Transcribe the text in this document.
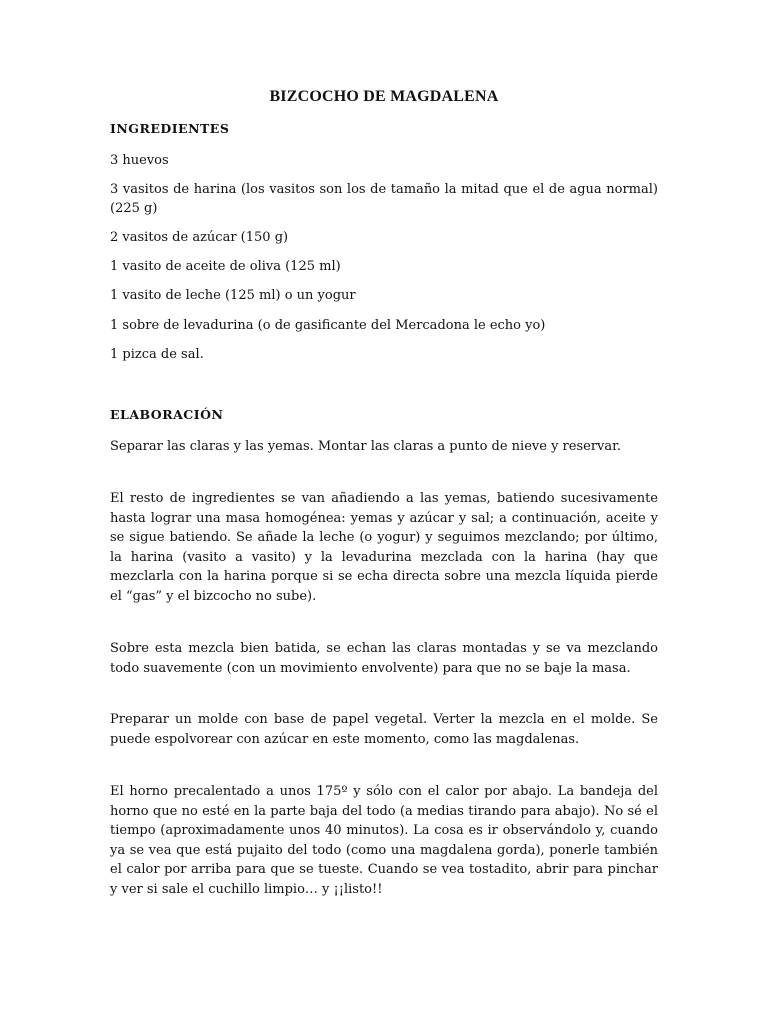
BIZCOCHO DE MAGDALENA
INGREDIENTES
3 huevos
3 vasitos de harina (los vasitos son los de tamaño la mitad que el de agua normal) (225 g)
2 vasitos de azúcar (150 g)
1 vasito de aceite de oliva (125 ml)
1 vasito de leche (125 ml) o un yogur
1 sobre de levadurina (o de gasificante del Mercadona le echo yo)
1 pizca de sal.
ELABORACIÓN
Separar las claras y las yemas. Montar las claras a punto de nieve y reservar.
El resto de ingredientes se van añadiendo a las yemas, batiendo sucesivamente hasta lograr una masa homogénea: yemas y azúcar y sal; a continuación, aceite y se sigue batiendo. Se añade la leche (o yogur) y seguimos mezclando; por último, la harina (vasito a vasito) y la levadurina mezclada con la harina (hay que mezclarla con la harina porque si se echa directa sobre una mezcla líquida pierde el “gas” y el bizcocho no sube).
Sobre esta mezcla bien batida, se echan las claras montadas y se va mezclando todo suavemente (con un movimiento envolvente) para que no se baje la masa.
Preparar un molde con base de papel vegetal. Verter la mezcla en el molde. Se puede espolvorear con azúcar en este momento, como las magdalenas.
El horno precalentado a unos 175º y sólo con el calor por abajo. La bandeja del horno que no esté en la parte baja del todo (a medias tirando para abajo). No sé el tiempo (aproximadamente unos 40 minutos). La cosa es ir observándolo y, cuando ya se vea que está pujaito del todo (como una magdalena gorda), ponerle también el calor por arriba para que se tueste. Cuando se vea tostadito, abrir para pinchar y ver si sale el cuchillo limpio… y ¡¡listo!!
